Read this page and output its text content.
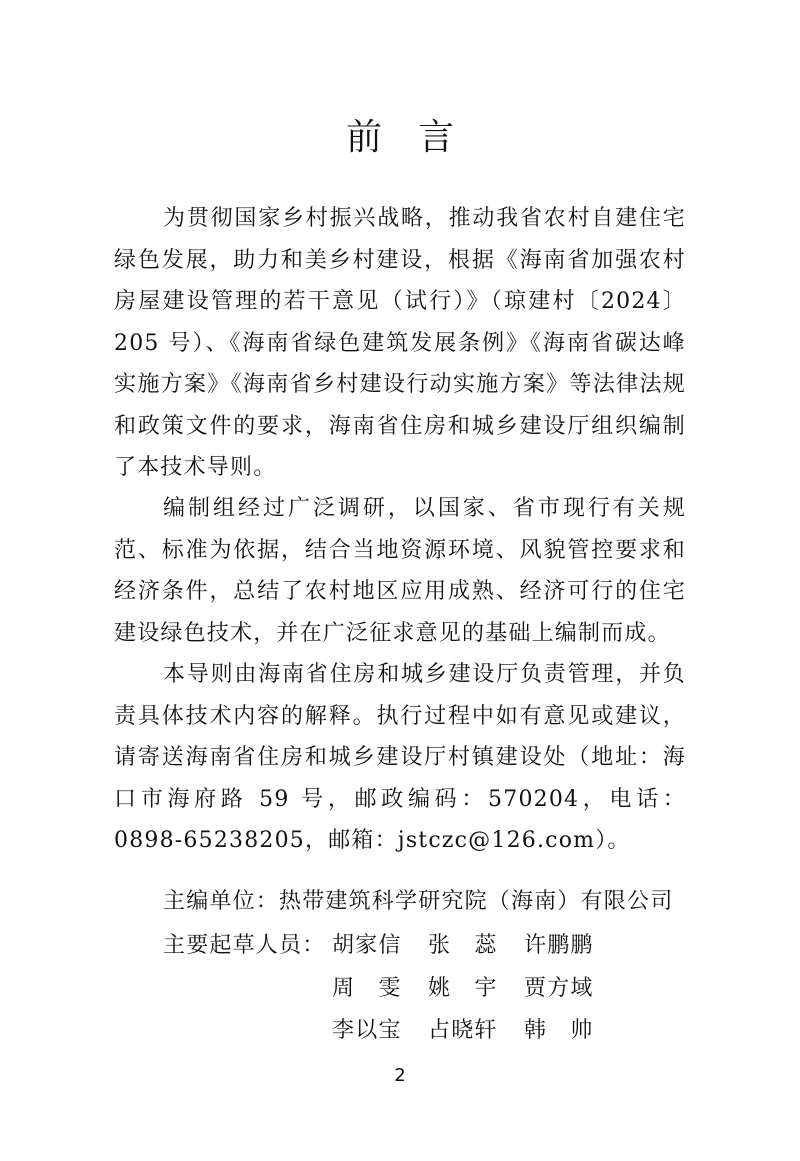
前 言

为贯彻国家乡村振兴战略，推动我省农村自建住宅绿色发展，助力和美乡村建设，根据《海南省加强农村房屋建设管理的若干意见（试行）》（琼建村〔2024〕205 号）、《海南省绿色建筑发展条例》《海南省碳达峰实施方案》《海南省乡村建设行动实施方案》等法律法规和政策文件的要求，海南省住房和城乡建设厅组织编制了本技术导则。

编制组经过广泛调研，以国家、省市现行有关规范、标准为依据，结合当地资源环境、风貌管控要求和经济条件，总结了农村地区应用成熟、经济可行的住宅建设绿色技术，并在广泛征求意见的基础上编制而成。

本导则由海南省住房和城乡建设厅负责管理，并负责具体技术内容的解释。执行过程中如有意见或建议，请寄送海南省住房和城乡建设厅村镇建设处（地址：海口市海府路 59 号，邮政编码：570204，电话：0898-65238205，邮箱：jstczc@126.com）。

主编单位：热带建筑科学研究院（海南）有限公司
主要起草人员： 胡家信 张　蕊 许鹏鹏
周　雯 姚　宇 贾方域
李以宝 占晓轩 韩　帅
2
